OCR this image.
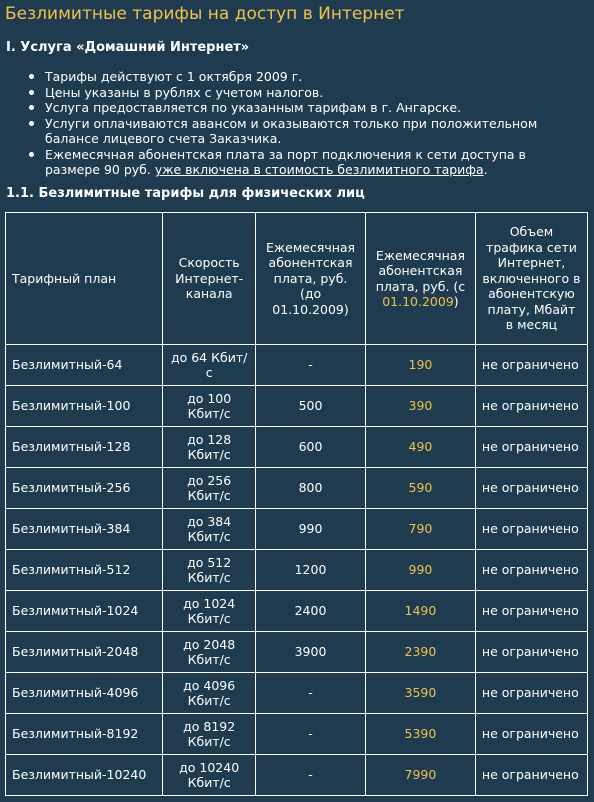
Безлимитные тарифы на доступ в Интернет
I. Услуга «Домашний Интернет»
Тарифы действуют с 1 октября 2009 г.
Цены указаны в рублях с учетом налогов.
Услуга предоставляется по указанным тарифам в г. Ангарске.
Услуги оплачиваются авансом и оказываются только при положительном балансе лицевого счета Заказчика.
Ежемесячная абонентская плата за порт подключения к сети доступа в размере 90 руб. уже включена в стоимость безлимитного тарифа.
1.1. Безлимитные тарифы для физических лиц
Тарифный план	Скорость Интернет-канала	Ежемесячная абонентская плата, руб. (до 01.10.2009)	Ежемесячная абонентская плата, руб. (с 01.10.2009)	Объем трафика сети Интернет, включенного в абонентскую плату, Мбайт в месяц
Безлимитный-64	до 64 Кбит/с	-	190	не ограничено
Безлимитный-100	до 100 Кбит/с	500	390	не ограничено
Безлимитный-128	до 128 Кбит/с	600	490	не ограничено
Безлимитный-256	до 256 Кбит/с	800	590	не ограничено
Безлимитный-384	до 384 Кбит/с	990	790	не ограничено
Безлимитный-512	до 512 Кбит/с	1200	990	не ограничено
Безлимитный-1024	до 1024 Кбит/с	2400	1490	не ограничено
Безлимитный-2048	до 2048 Кбит/с	3900	2390	не ограничено
Безлимитный-4096	до 4096 Кбит/с	-	3590	не ограничено
Безлимитный-8192	до 8192 Кбит/с	-	5390	не ограничено
Безлимитный-10240	до 10240 Кбит/с	-	7990	не ограничено
